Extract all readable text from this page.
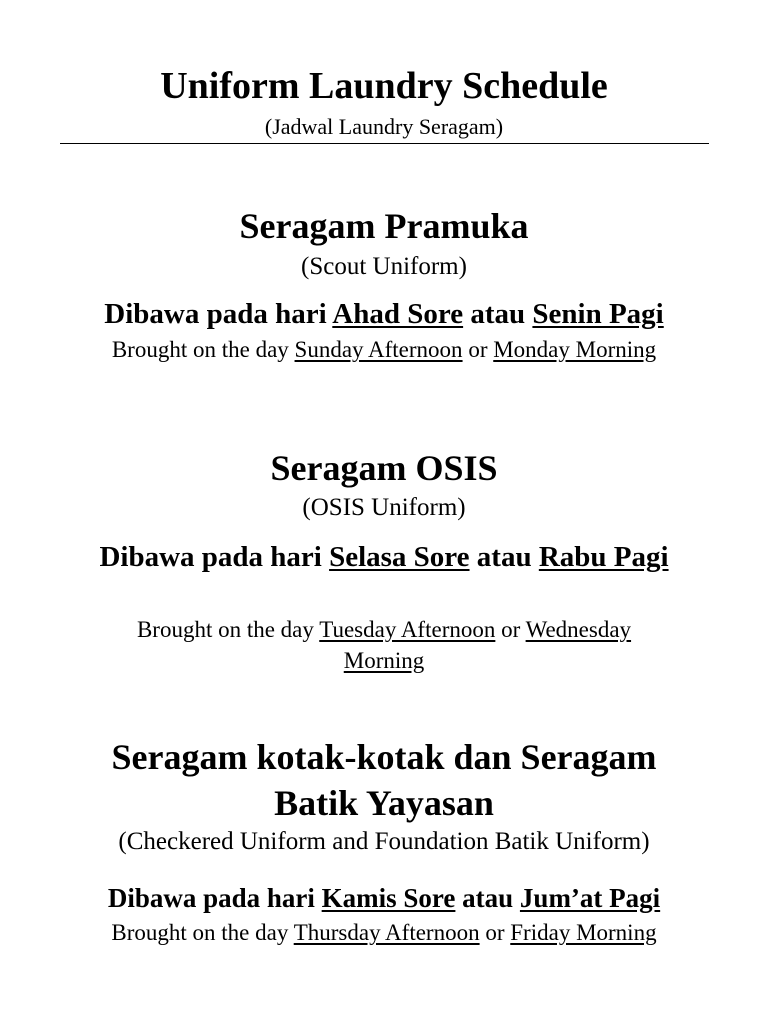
Uniform Laundry Schedule

(Jadwal Laundry Seragam)

Seragam Pramuka

(Scout Uniform)

Dibawa pada hari Ahad Sore atau Senin Pagi

Brought on the day Sunday Afternoon or Monday Morning

Seragam OSIS

(OSIS Uniform)

Dibawa pada hari Selasa Sore atau Rabu Pagi

Brought on the day Tuesday Afternoon or Wednesday Morning

Seragam kotak-kotak dan Seragam Batik Yayasan

(Checkered Uniform and Foundation Batik Uniform)

Dibawa pada hari Kamis Sore atau Jum’at Pagi

Brought on the day Thursday Afternoon or Friday Morning
